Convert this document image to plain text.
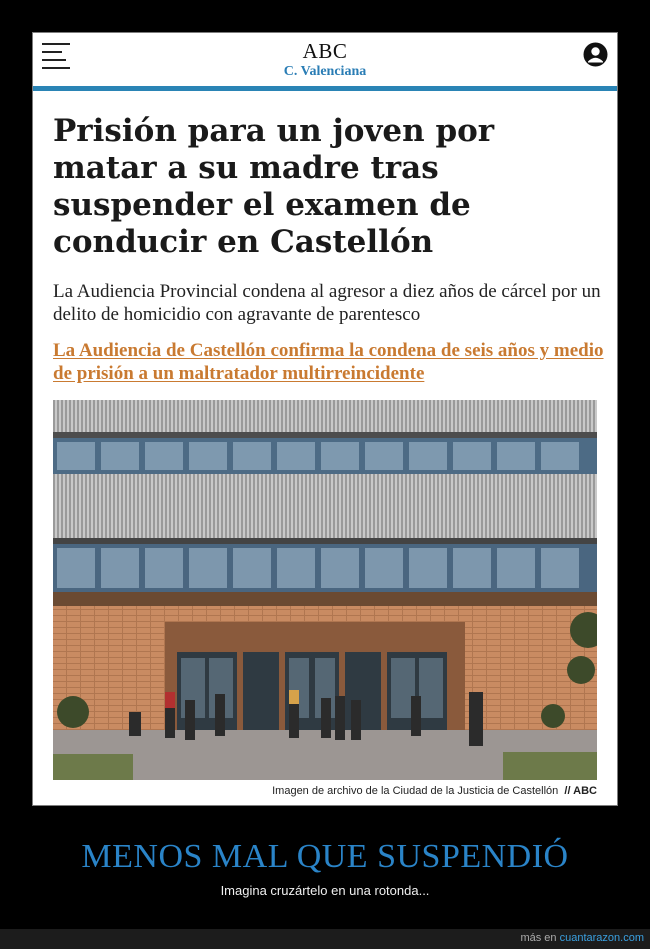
ABC
C. Valenciana
Prisión para un joven por matar a su madre tras suspender el examen de conducir en Castellón

La Audiencia Provincial condena al agresor a diez años de cárcel por un delito de homicidio con agravante de parentesco

La Audiencia de Castellón confirma la condena de seis años y medio de prisión a un maltratador multirreincidente

Imagen de archivo de la Ciudad de la Justicia de Castellón // ABC
MENOS MAL QUE SUSPENDIÓ
Imagina cruzártelo en una rotonda...
más en cuantarazon.com
